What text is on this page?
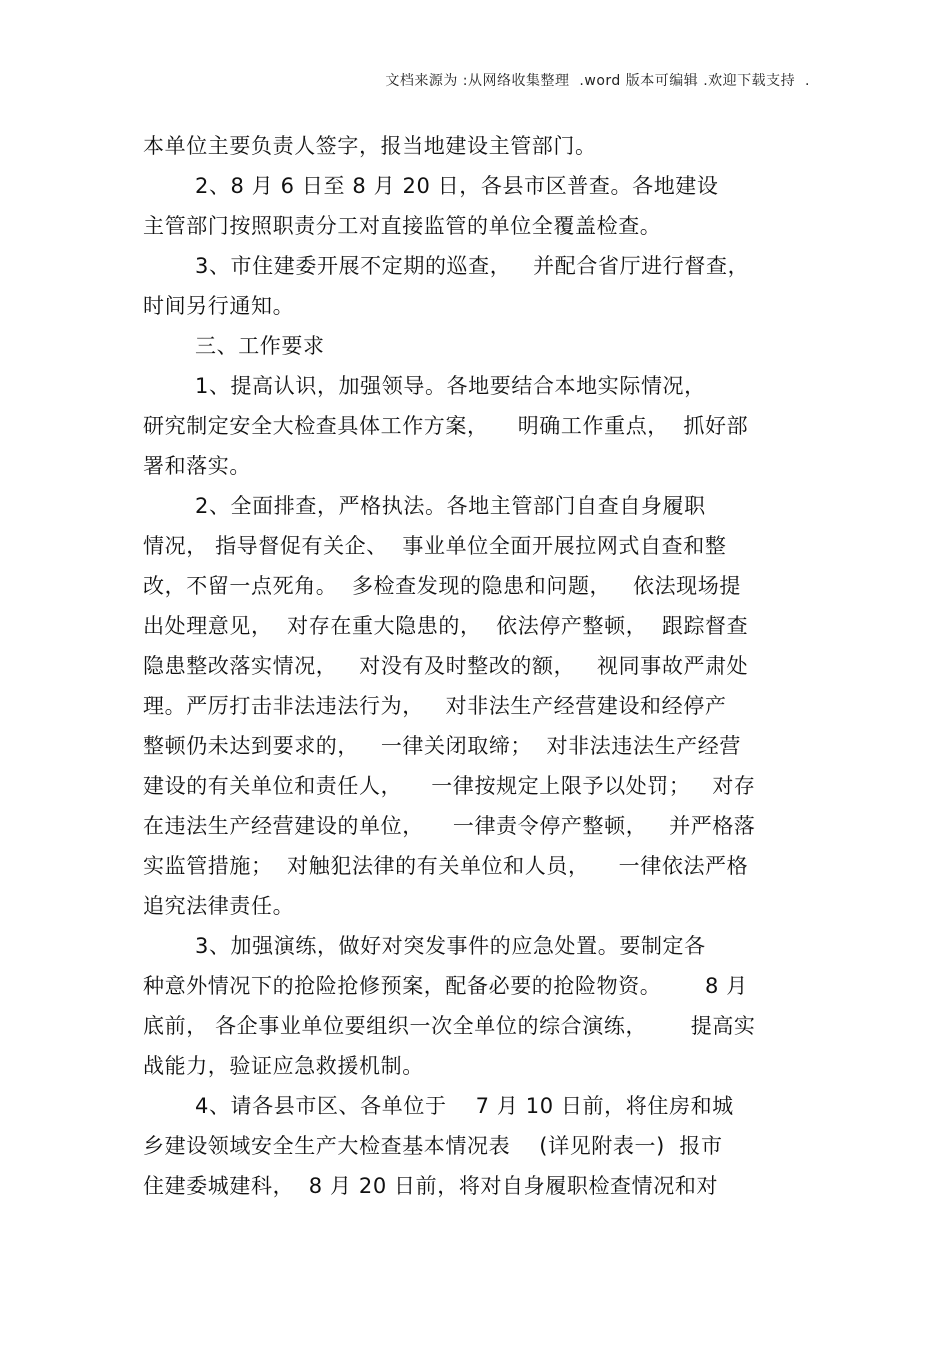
文档来源为 :从网络收集整理  .word 版本可编辑 .欢迎下载支持  .
本单位主要负责人签字，报当地建设主管部门。
2、8 月 6 日至 8 月 20 日，各县市区普查。各地建设
主管部门按照职责分工对直接监管的单位全覆盖检查。
3、市住建委开展不定期的巡查，   并配合省厅进行督查，
时间另行通知。
三、工作要求
1、提高认识，加强领导。各地要结合本地实际情况，
研究制定安全大检查具体工作方案，    明确工作重点，  抓好部
署和落实。
2、全面排查，严格执法。各地主管部门自查自身履职
情况， 指导督促有关企、  事业单位全面开展拉网式自查和整
改，不留一点死角。  多检查发现的隐患和问题，   依法现场提
出处理意见，  对存在重大隐患的，  依法停产整顿，  跟踪督查
隐患整改落实情况，   对没有及时整改的额，   视同事故严肃处
理。严厉打击非法违法行为，   对非法生产经营建设和经停产
整顿仍未达到要求的，   一律关闭取缔；  对非法违法生产经营
建设的有关单位和责任人，    一律按规定上限予以处罚；   对存
在违法生产经营建设的单位，    一律责令停产整顿，   并严格落
实监管措施；  对触犯法律的有关单位和人员，    一律依法严格
追究法律责任。
3、加强演练，做好对突发事件的应急处置。要制定各
种意外情况下的抢险抢修预案，配备必要的抢险物资。      8 月
底前， 各企事业单位要组织一次全单位的综合演练，      提高实
战能力，验证应急救援机制。
4、请各县市区、各单位于    7 月 10 日前，将住房和城
乡建设领域安全生产大检查基本情况表    (详见附表一)  报市
住建委城建科，  8 月 20 日前，将对自身履职检查情况和对
